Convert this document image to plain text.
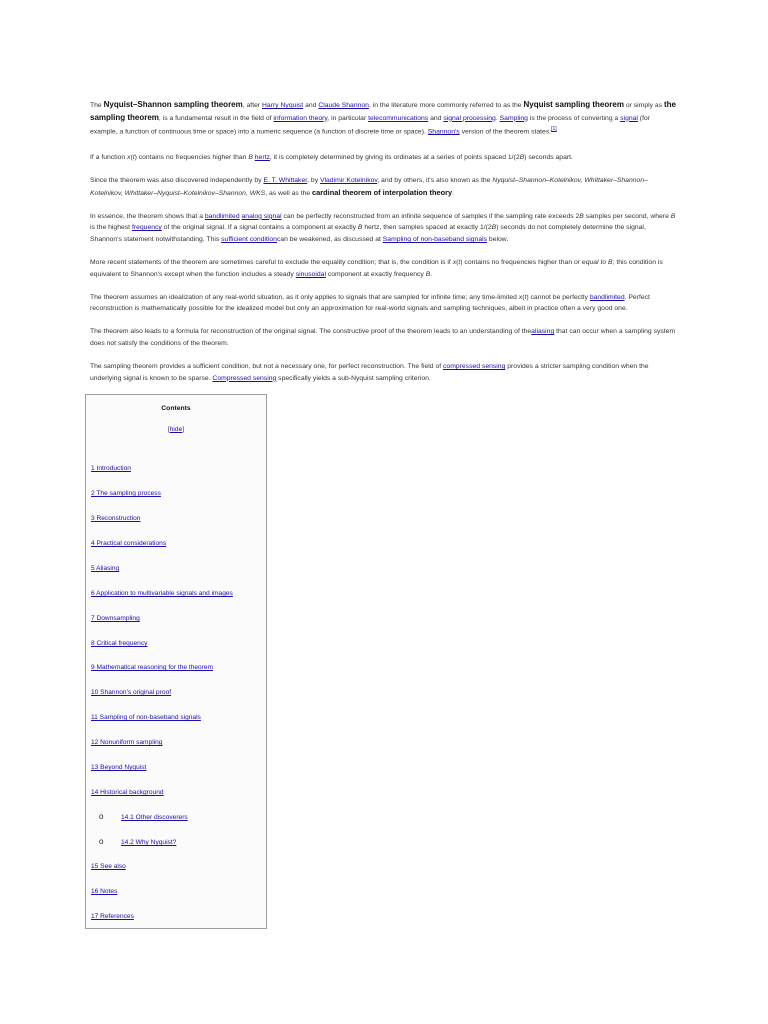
The Nyquist–Shannon sampling theorem, after Harry Nyquist and Claude Shannon, in the literature more commonly referred to as the Nyquist sampling theorem or simply as the sampling theorem, is a fundamental result in the field of information theory, in particular telecommunications and signal processing. Sampling is the process of converting a signal (for example, a function of continuous time or space) into a numeric sequence (a function of discrete time or space). Shannon's version of the theorem states:[1]

If a function x(t) contains no frequencies higher than B hertz, it is completely determined by giving its ordinates at a series of points spaced 1/(2B) seconds apart.

Since the theorem was also discovered independently by E. T. Whittaker, by Vladimir Kotelnikov, and by others, it's also known as the Nyquist–Shannon–Kotelnikov, Whittaker–Shannon–Kotelnikov, Whittaker–Nyquist–Kotelnikov–Shannon, WKS, as well as the cardinal theorem of interpolation theory.

In essence, the theorem shows that a bandlimited analog signal can be perfectly reconstructed from an infinite sequence of samples if the sampling rate exceeds 2B samples per second, where B is the highest frequency of the original signal. If a signal contains a component at exactly B hertz, then samples spaced at exactly 1/(2B) seconds do not completely determine the signal, Shannon's statement notwithstanding. This sufficient conditioncan be weakened, as discussed at Sampling of non-baseband signals below.

More recent statements of the theorem are sometimes careful to exclude the equality condition; that is, the condition is if x(t) contains no frequencies higher than or equal to B; this condition is equivalent to Shannon's except when the function includes a steady sinusoidal component at exactly frequency B.

The theorem assumes an idealization of any real-world situation, as it only applies to signals that are sampled for infinite time; any time-limited x(t) cannot be perfectly bandlimited. Perfect reconstruction is mathematically possible for the idealized model but only an approximation for real-world signals and sampling techniques, albeit in practice often a very good one.

The theorem also leads to a formula for reconstruction of the original signal. The constructive proof of the theorem leads to an understanding of thealiasing that can occur when a sampling system does not satisfy the conditions of the theorem.

The sampling theorem provides a sufficient condition, but not a necessary one, for perfect reconstruction. The field of compressed sensing provides a stricter sampling condition when the underlying signal is known to be sparse. Compressed sensing specifically yields a sub-Nyquist sampling criterion.

Contents
[hide]
1 Introduction
2 The sampling process
3 Reconstruction
4 Practical considerations
5 Aliasing
6 Application to multivariable signals and images
7 Downsampling
8 Critical frequency
9 Mathematical reasoning for the theorem
10 Shannon's original proof
11 Sampling of non-baseband signals
12 Nonuniform sampling
13 Beyond Nyquist
14 Historical background
o	14.1 Other discoverers
o	14.2 Why Nyquist?
15 See also
16 Notes
17 References
